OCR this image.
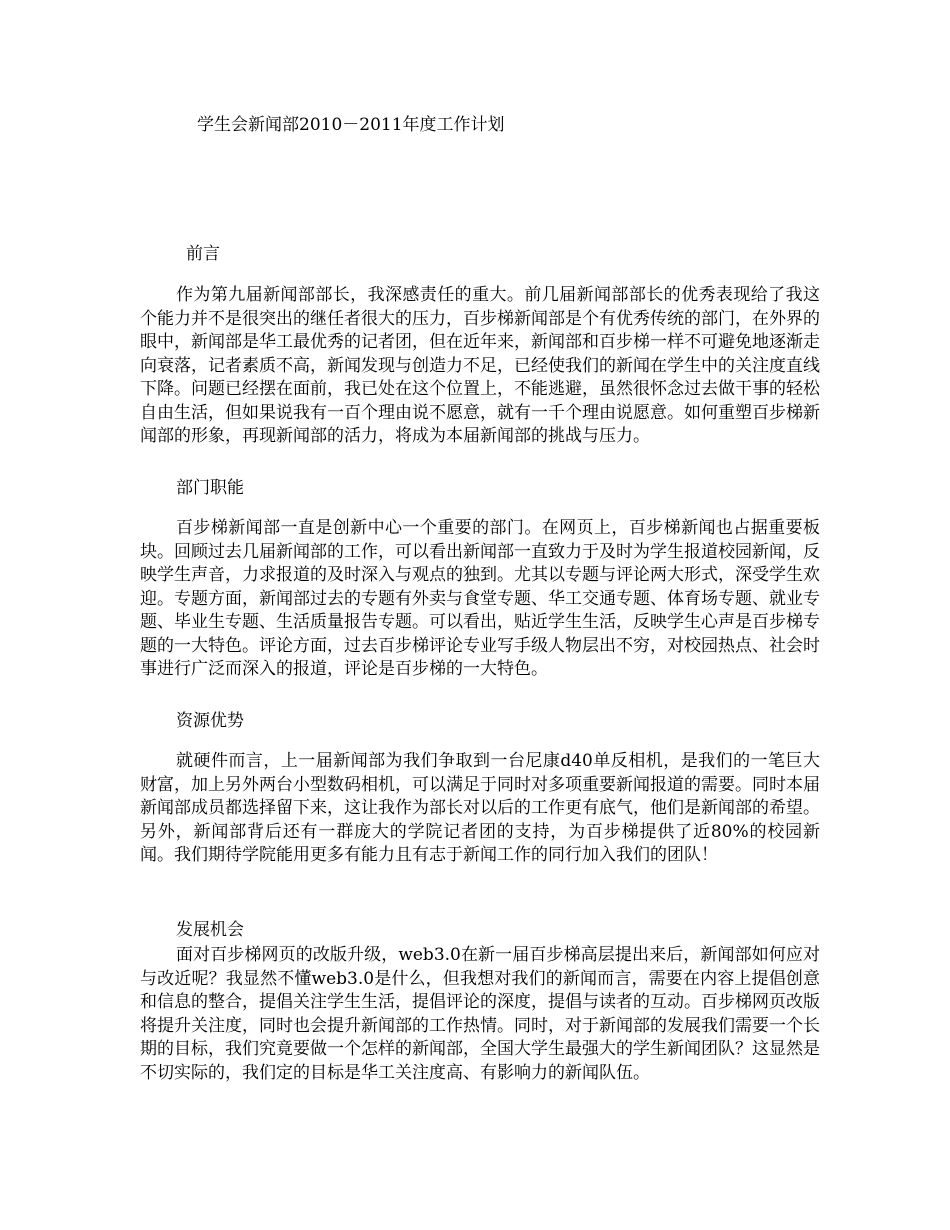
学生会新闻部2010－2011年度工作计划
前言

作为第九届新闻部部长，我深感责任的重大。前几届新闻部部长的优秀表现给了我这个能力并不是很突出的继任者很大的压力，百步梯新闻部是个有优秀传统的部门，在外界的眼中，新闻部是华工最优秀的记者团，但在近年来，新闻部和百步梯一样不可避免地逐渐走向衰落，记者素质不高，新闻发现与创造力不足，已经使我们的新闻在学生中的关注度直线下降。问题已经摆在面前，我已处在这个位置上，不能逃避，虽然很怀念过去做干事的轻松自由生活，但如果说我有一百个理由说不愿意，就有一千个理由说愿意。如何重塑百步梯新闻部的形象，再现新闻部的活力，将成为本届新闻部的挑战与压力。

部门职能

百步梯新闻部一直是创新中心一个重要的部门。在网页上，百步梯新闻也占据重要板块。回顾过去几届新闻部的工作，可以看出新闻部一直致力于及时为学生报道校园新闻，反映学生声音，力求报道的及时深入与观点的独到。尤其以专题与评论两大形式，深受学生欢迎。专题方面，新闻部过去的专题有外卖与食堂专题、华工交通专题、体育场专题、就业专题、毕业生专题、生活质量报告专题。可以看出，贴近学生生活，反映学生心声是百步梯专题的一大特色。评论方面，过去百步梯评论专业写手级人物层出不穷，对校园热点、社会时事进行广泛而深入的报道，评论是百步梯的一大特色。

资源优势

就硬件而言，上一届新闻部为我们争取到一台尼康d40单反相机，是我们的一笔巨大财富，加上另外两台小型数码相机，可以满足于同时对多项重要新闻报道的需要。同时本届新闻部成员都选择留下来，这让我作为部长对以后的工作更有底气，他们是新闻部的希望。另外，新闻部背后还有一群庞大的学院记者团的支持，为百步梯提供了近80%的校园新闻。我们期待学院能用更多有能力且有志于新闻工作的同行加入我们的团队！

发展机会

面对百步梯网页的改版升级，web3.0在新一届百步梯高层提出来后，新闻部如何应对与改近呢？我显然不懂web3.0是什么，但我想对我们的新闻而言，需要在内容上提倡创意和信息的整合，提倡关注学生生活，提倡评论的深度，提倡与读者的互动。百步梯网页改版将提升关注度，同时也会提升新闻部的工作热情。同时，对于新闻部的发展我们需要一个长期的目标，我们究竟要做一个怎样的新闻部，全国大学生最强大的学生新闻团队？这显然是不切实际的，我们定的目标是华工关注度高、有影响力的新闻队伍。
